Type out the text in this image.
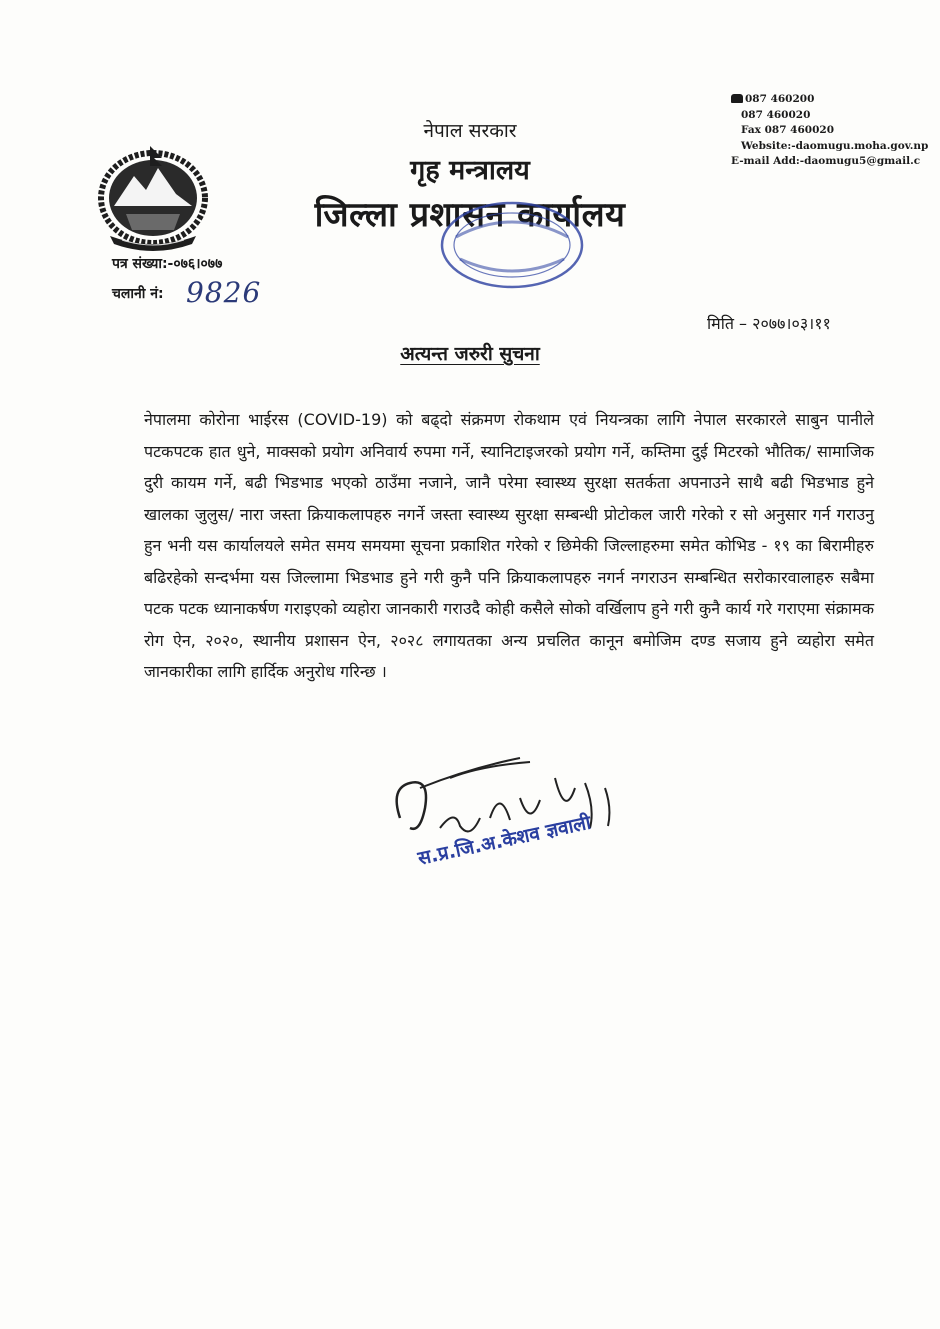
नेपाल सरकार
गृह मन्त्रालय
जिल्ला प्रशासन कार्यालय
087 460200
087 460020
Fax 087 460020
Website:-daomugu.moha.gov.np
E-mail Add:-daomugu5@gmail.c
पत्र संख्या:-०७६।०७७
चलानी नं: 9826
मिति – २०७७।०३।११
अत्यन्त जरुरी सुचना
नेपालमा कोरोना भाईरस (COVID-19) को बढ्दो संक्रमण रोकथाम एवं नियन्त्रका लागि नेपाल सरकारले साबुन पानीले पटकपटक हात धुने, माक्सको प्रयोग अनिवार्य रुपमा गर्ने, स्यानिटाइजरको प्रयोग गर्ने, कम्तिमा दुई मिटरको भौतिक/ सामाजिक दुरी कायम गर्ने, बढी भिडभाड भएको ठाउँमा नजाने, जानै परेमा स्वास्थ्य सुरक्षा सतर्कता अपनाउने साथै बढी भिडभाड हुने खालका जुलुस/ नारा जस्ता क्रियाकलापहरु नगर्ने जस्ता स्वास्थ्य सुरक्षा सम्बन्धी प्रोटोकल जारी गरेको र सो अनुसार गर्न गराउनु हुन भनी यस कार्यालयले समेत समय समयमा सूचना प्रकाशित गरेको र छिमेकी जिल्लाहरुमा समेत कोभिड - १९ का बिरामीहरु बढिरहेको सन्दर्भमा यस जिल्लामा भिडभाड हुने गरी कुनै पनि क्रियाकलापहरु नगर्न नगराउन सम्बन्धित सरोकारवालाहरु सबैमा पटक पटक ध्यानाकर्षण गराइएको व्यहोरा जानकारी गराउदै कोही कसैले सोको वर्खिलाप हुने गरी कुनै कार्य गरे गराएमा संक्रामक रोग ऐन, २०२०, स्थानीय प्रशासन ऐन, २०२८ लगायतका अन्य प्रचलित कानून बमोजिम दण्ड सजाय हुने व्यहोरा समेत जानकारीका लागि हार्दिक अनुरोध गरिन्छ ।
स.प्र.जि.अ.केशव ज्ञवाली
